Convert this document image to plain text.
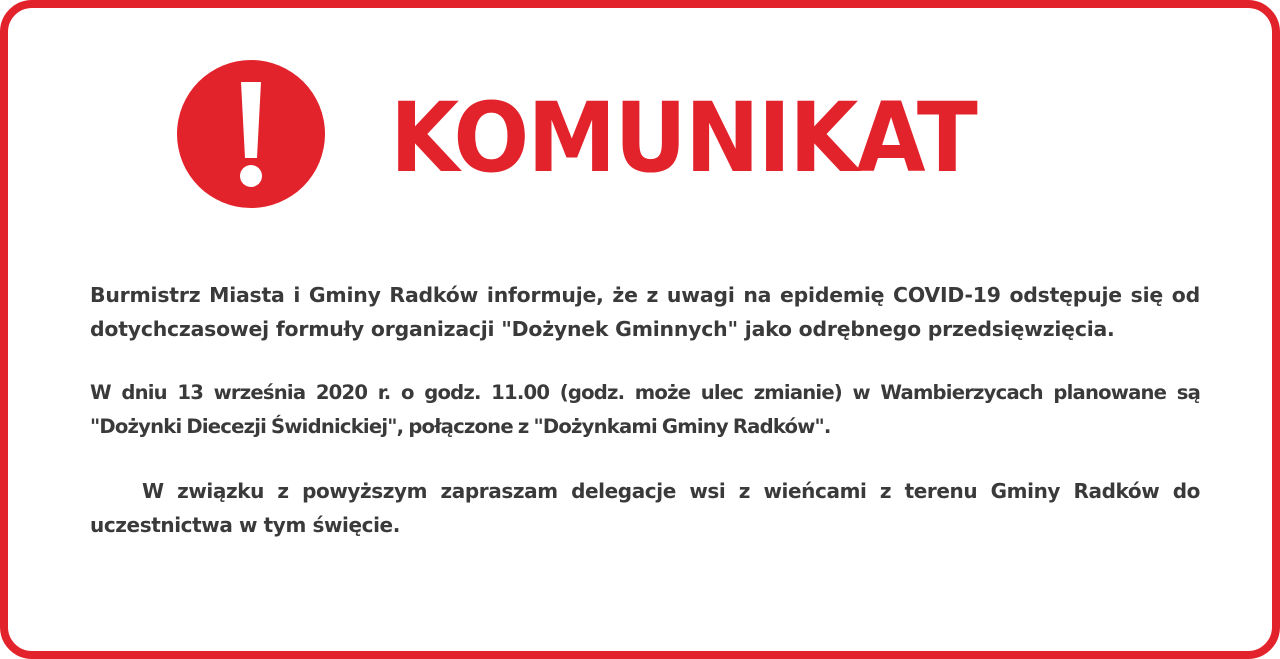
KOMUNIKAT

Burmistrz Miasta i Gminy Radków informuje, że z uwagi na epidemię COVID-19 odstępuje się od dotychczasowej formuły organizacji "Dożynek Gminnych" jako odrębnego przedsięwzięcia.

W dniu 13 września 2020 r. o godz. 11.00 (godz. może ulec zmianie) w Wambierzycach planowane są "Dożynki Diecezji Świdnickiej", połączone z "Dożynkami Gminy Radków".

W związku z powyższym zapraszam delegacje wsi z wieńcami z terenu Gminy Radków do uczestnictwa w tym święcie.
